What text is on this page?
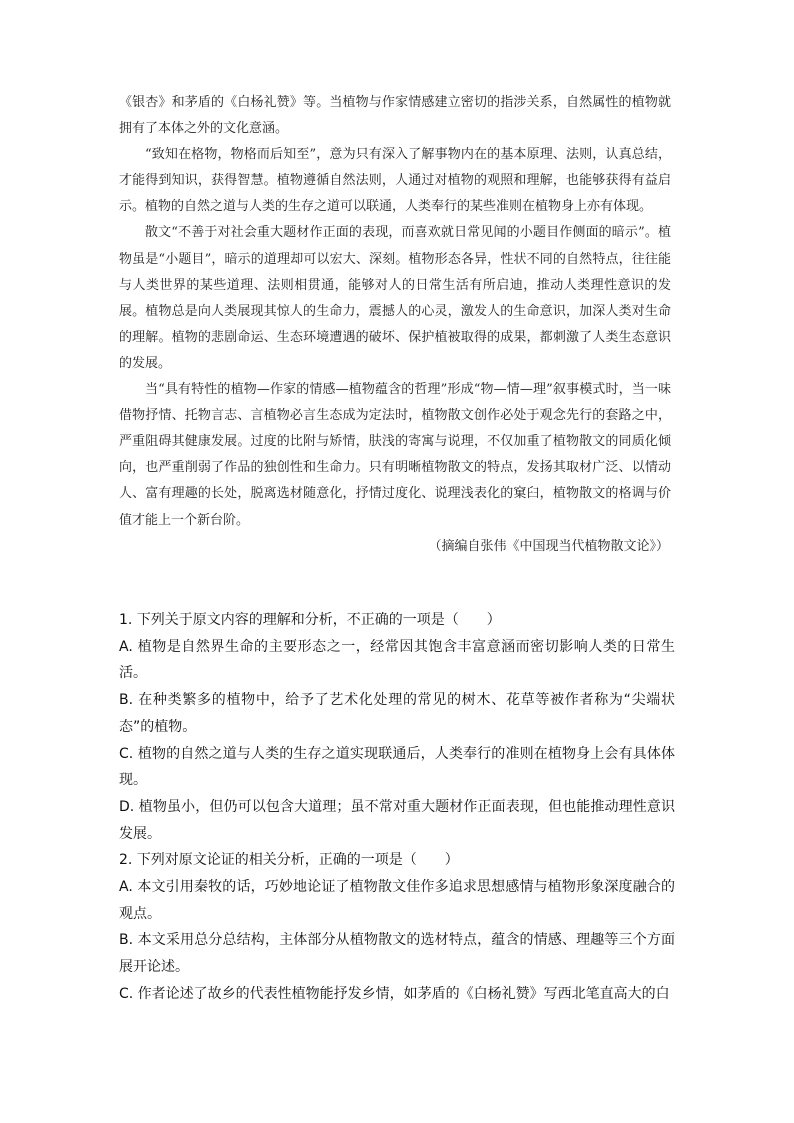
《银杏》和茅盾的《白杨礼赞》等。当植物与作家情感建立密切的指涉关系，自然属性的植物就拥有了本体之外的文化意涵。

“致知在格物，物格而后知至”，意为只有深入了解事物内在的基本原理、法则，认真总结，才能得到知识，获得智慧。植物遵循自然法则，人通过对植物的观照和理解，也能够获得有益启示。植物的自然之道与人类的生存之道可以联通，人类奉行的某些准则在植物身上亦有体现。

散文“不善于对社会重大题材作正面的表现，而喜欢就日常见闻的小题目作侧面的暗示”。植物虽是“小题目”，暗示的道理却可以宏大、深刻。植物形态各异，性状不同的自然特点，往往能与人类世界的某些道理、法则相贯通，能够对人的日常生活有所启迪，推动人类理性意识的发展。植物总是向人类展现其惊人的生命力，震撼人的心灵，激发人的生命意识，加深人类对生命的理解。植物的悲剧命运、生态环境遭遇的破坏、保护植被取得的成果，都刺激了人类生态意识的发展。

当“具有特性的植物—作家的情感—植物蕴含的哲理”形成“物—情—理”叙事模式时，当一味借物抒情、托物言志、言植物必言生态成为定法时，植物散文创作必处于观念先行的套路之中，严重阻碍其健康发展。过度的比附与矫情，肤浅的寄寓与说理，不仅加重了植物散文的同质化倾向，也严重削弱了作品的独创性和生命力。只有明晰植物散文的特点，发扬其取材广泛、以情动人、富有理趣的长处，脱离选材随意化，抒情过度化、说理浅表化的窠臼，植物散文的格调与价值才能上一个新台阶。

（摘编自张伟《中国现当代植物散文论》）

1. 下列关于原文内容的理解和分析，不正确的一项是（　　）

A. 植物是自然界生命的主要形态之一，经常因其饱含丰富意涵而密切影响人类的日常生活。

B. 在种类繁多的植物中，给予了艺术化处理的常见的树木、花草等被作者称为“尖端状态”的植物。

C. 植物的自然之道与人类的生存之道实现联通后，人类奉行的准则在植物身上会有具体体现。

D. 植物虽小，但仍可以包含大道理；虽不常对重大题材作正面表现，但也能推动理性意识发展。

2. 下列对原文论证的相关分析，正确的一项是（　　）

A. 本文引用秦牧的话，巧妙地论证了植物散文佳作多追求思想感情与植物形象深度融合的观点。

B. 本文采用总分总结构，主体部分从植物散文的选材特点，蕴含的情感、理趣等三个方面展开论述。

C. 作者论述了故乡的代表性植物能抒发乡情，如茅盾的《白杨礼赞》写西北笔直高大的白
